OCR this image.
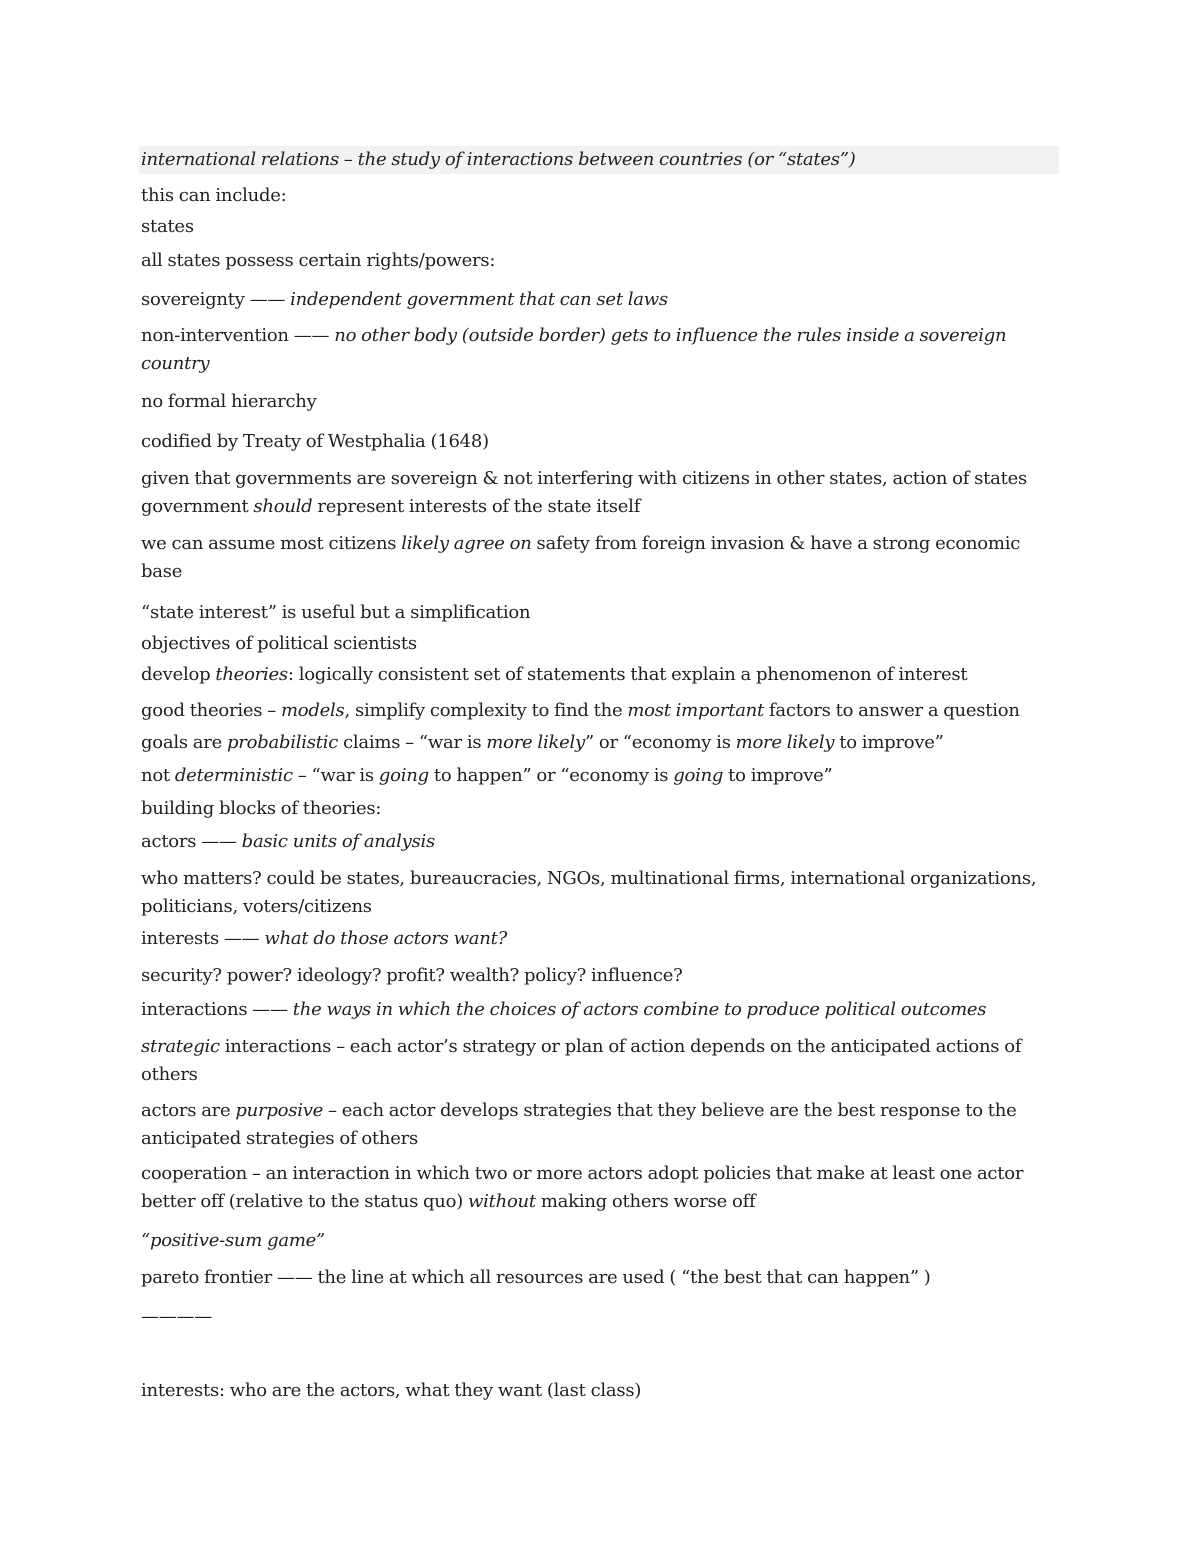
international relations – the study of interactions between countries (or “states”)
this can include:
states
all states possess certain rights/powers:
sovereignty —— independent government that can set laws
non-intervention —— no other body (outside border) gets to influence the rules inside a sovereign country
no formal hierarchy
codified by Treaty of Westphalia (1648)
given that governments are sovereign & not interfering with citizens in other states, action of states government should represent interests of the state itself
we can assume most citizens likely agree on safety from foreign invasion & have a strong economic base
“state interest” is useful but a simplification
objectives of political scientists
develop theories: logically consistent set of statements that explain a phenomenon of interest
good theories – models, simplify complexity to find the most important factors to answer a question
goals are probabilistic claims – “war is more likely” or “economy is more likely to improve”
not deterministic – “war is going to happen” or “economy is going to improve”
building blocks of theories:
actors —— basic units of analysis
who matters? could be states, bureaucracies, NGOs, multinational firms, international organizations, politicians, voters/citizens
interests —— what do those actors want?
security? power? ideology? profit? wealth? policy? influence?
interactions —— the ways in which the choices of actors combine to produce political outcomes
strategic interactions – each actor’s strategy or plan of action depends on the anticipated actions of others
actors are purposive – each actor develops strategies that they believe are the best response to the anticipated strategies of others
cooperation – an interaction in which two or more actors adopt policies that make at least one actor better off (relative to the status quo) without making others worse off
“positive-sum game”
pareto frontier —— the line at which all resources are used ( “the best that can happen” )
————
interests: who are the actors, what they want (last class)
